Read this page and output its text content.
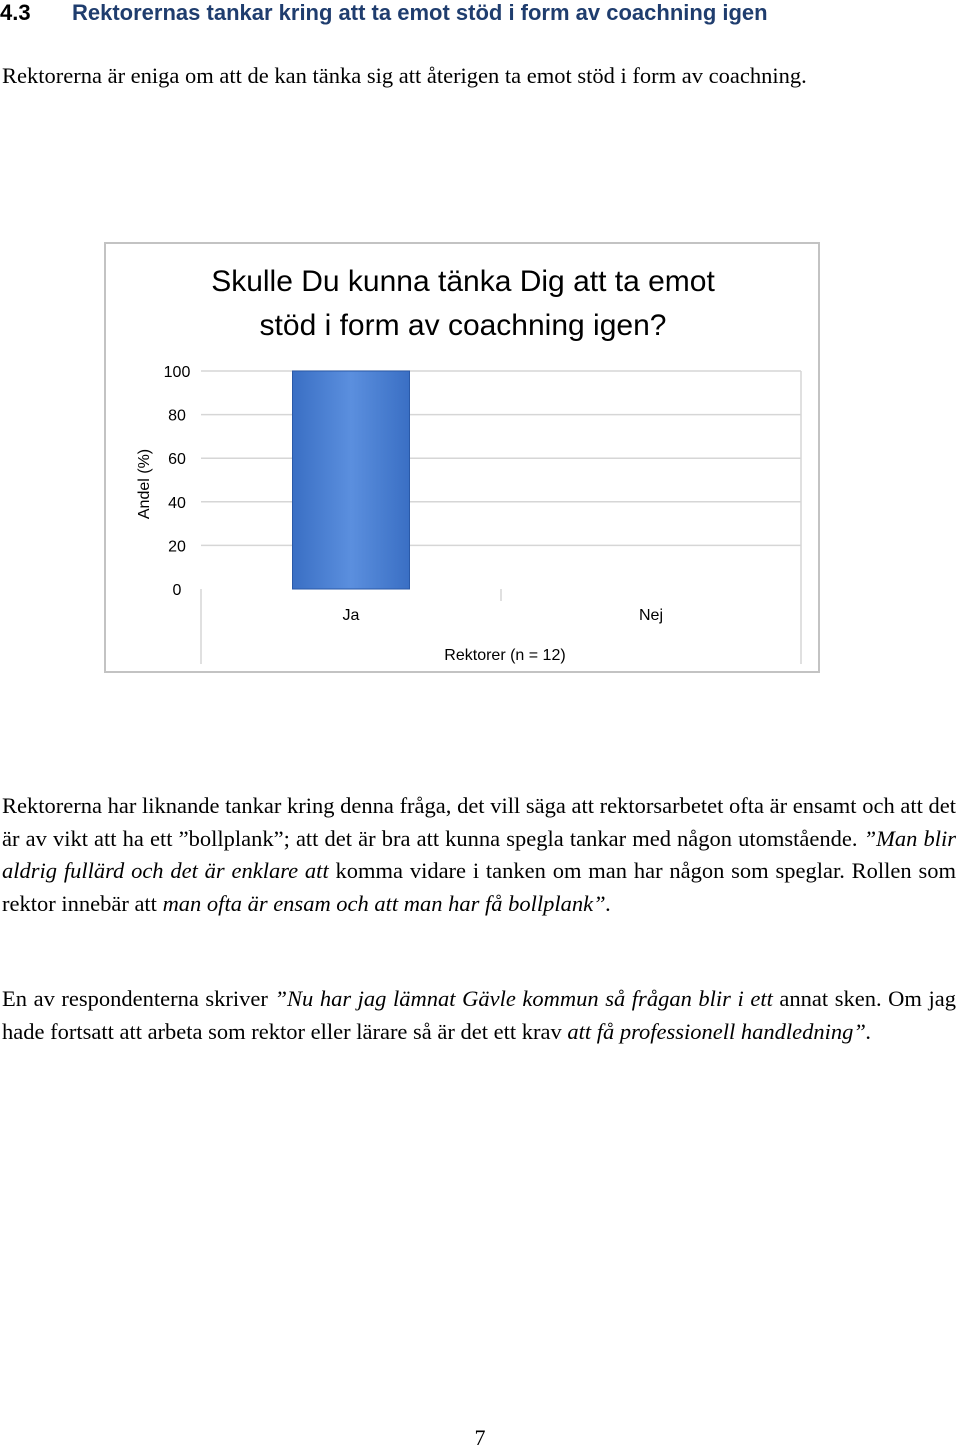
4.3 Rektorernas tankar kring att ta emot stöd i form av coachning igen
Rektorerna är eniga om att de kan tänka sig att återigen ta emot stöd i form av coachning.
Skulle Du kunna tänka Dig att ta emot
stöd i form av coachning igen?
0
20
40
60
80
100
Ja	Nej
Andel (%)
Rektorer (n = 12)
Rektorerna har liknande tankar kring denna fråga, det vill säga att rektorsarbetet ofta är ensamt och att det är av vikt att ha ett ”bollplank”; att det är bra att kunna spegla tankar med någon utomstående. ”Man blir aldrig fullärd och det är enklare att komma vidare i tanken om man har någon som speglar. Rollen som rektor innebär att man ofta är ensam och att man har få bollplank”.
En av respondenterna skriver ”Nu har jag lämnat Gävle kommun så frågan blir i ett annat sken. Om jag hade fortsatt att arbeta som rektor eller lärare så är det ett krav att få professionell handledning”.
7
